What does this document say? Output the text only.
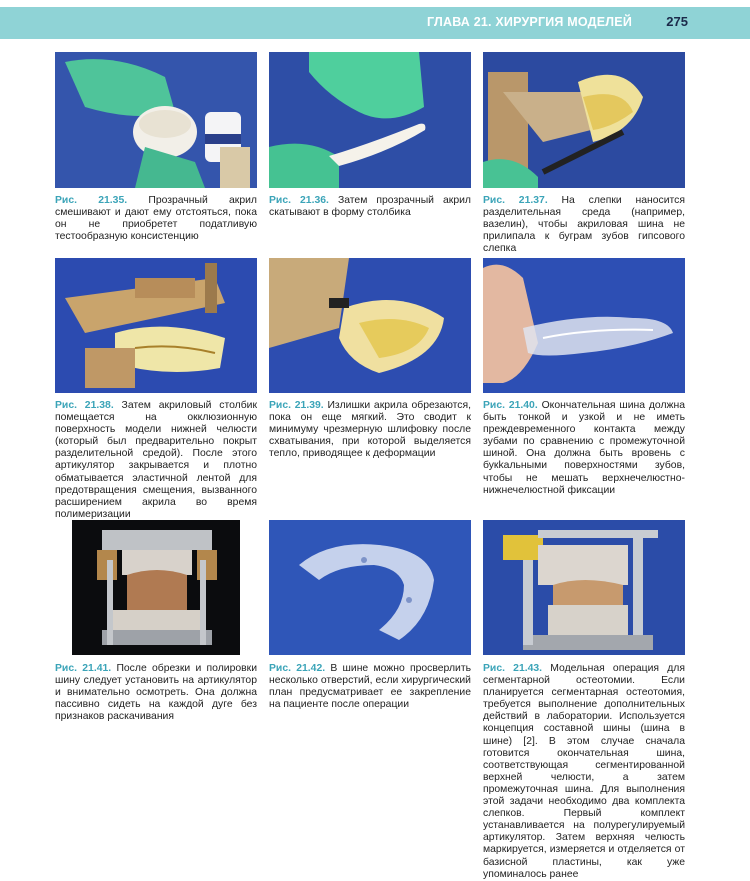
ГЛАВА 21. ХИРУРГИЯ МОДЕЛЕЙ	275
Рис. 21.35. Прозрачный акрил смешивают и дают ему отстояться, пока он не приобретет податливую тестообразную консистенцию
Рис. 21.36. Затем прозрачный акрил скатывают в форму столбика
Рис. 21.37. На слепки наносится разделительная среда (например, вазелин), чтобы акриловая шина не прилипала к буграм зубов гипсового слепка
Рис. 21.38. Затем акриловый столбик помещается на окклюзионную поверхность модели нижней челюсти (который был предварительно покрыт разделительной средой). После этого артикулятор закрывается и плотно обматывается эластичной лентой для предотвращения смещения, вызванного расширением акрила во время полимеризации
Рис. 21.39. Излишки акрила обрезаются, пока он еще мягкий. Это сводит к минимуму чрезмерную шлифовку после схватывания, при которой выделяется тепло, приводящее к деформации
Рис. 21.40. Окончательная шина должна быть тонкой и узкой и не иметь преждевременного контакта между зубами по сравнению с промежуточной шиной. Она должна быть вровень с букkальными поверхностями зубов, чтобы не мешать верхнечелюстно-нижнечелюстной фиксации
Рис. 21.41. После обрезки и полировки шину следует установить на артикулятор и внимательно осмотреть. Она должна пассивно сидеть на каждой дуге без признаков раскачивания
Рис. 21.42. В шине можно просверлить несколько отверстий, если хирургический план предусматривает ее закрепление на пациенте после операции
Рис. 21.43. Модельная операция для сегментарной остеотомии. Если планируется сегментарная остеотомия, требуется выполнение дополнительных действий в лаборатории. Используется концепция составной шины (шина в шине) [2]. В этом случае сначала готовится окончательная шина, соответствующая сегментированной верхней челюсти, а затем промежуточная шина. Для выполнения этой задачи необходимо два комплекта слепков. Первый комплект устанавливается на полурегулируемый артикулятор. Затем верхняя челюсть маркируется, измеряется и отделяется от базисной пластины, как уже упоминалось ранее
